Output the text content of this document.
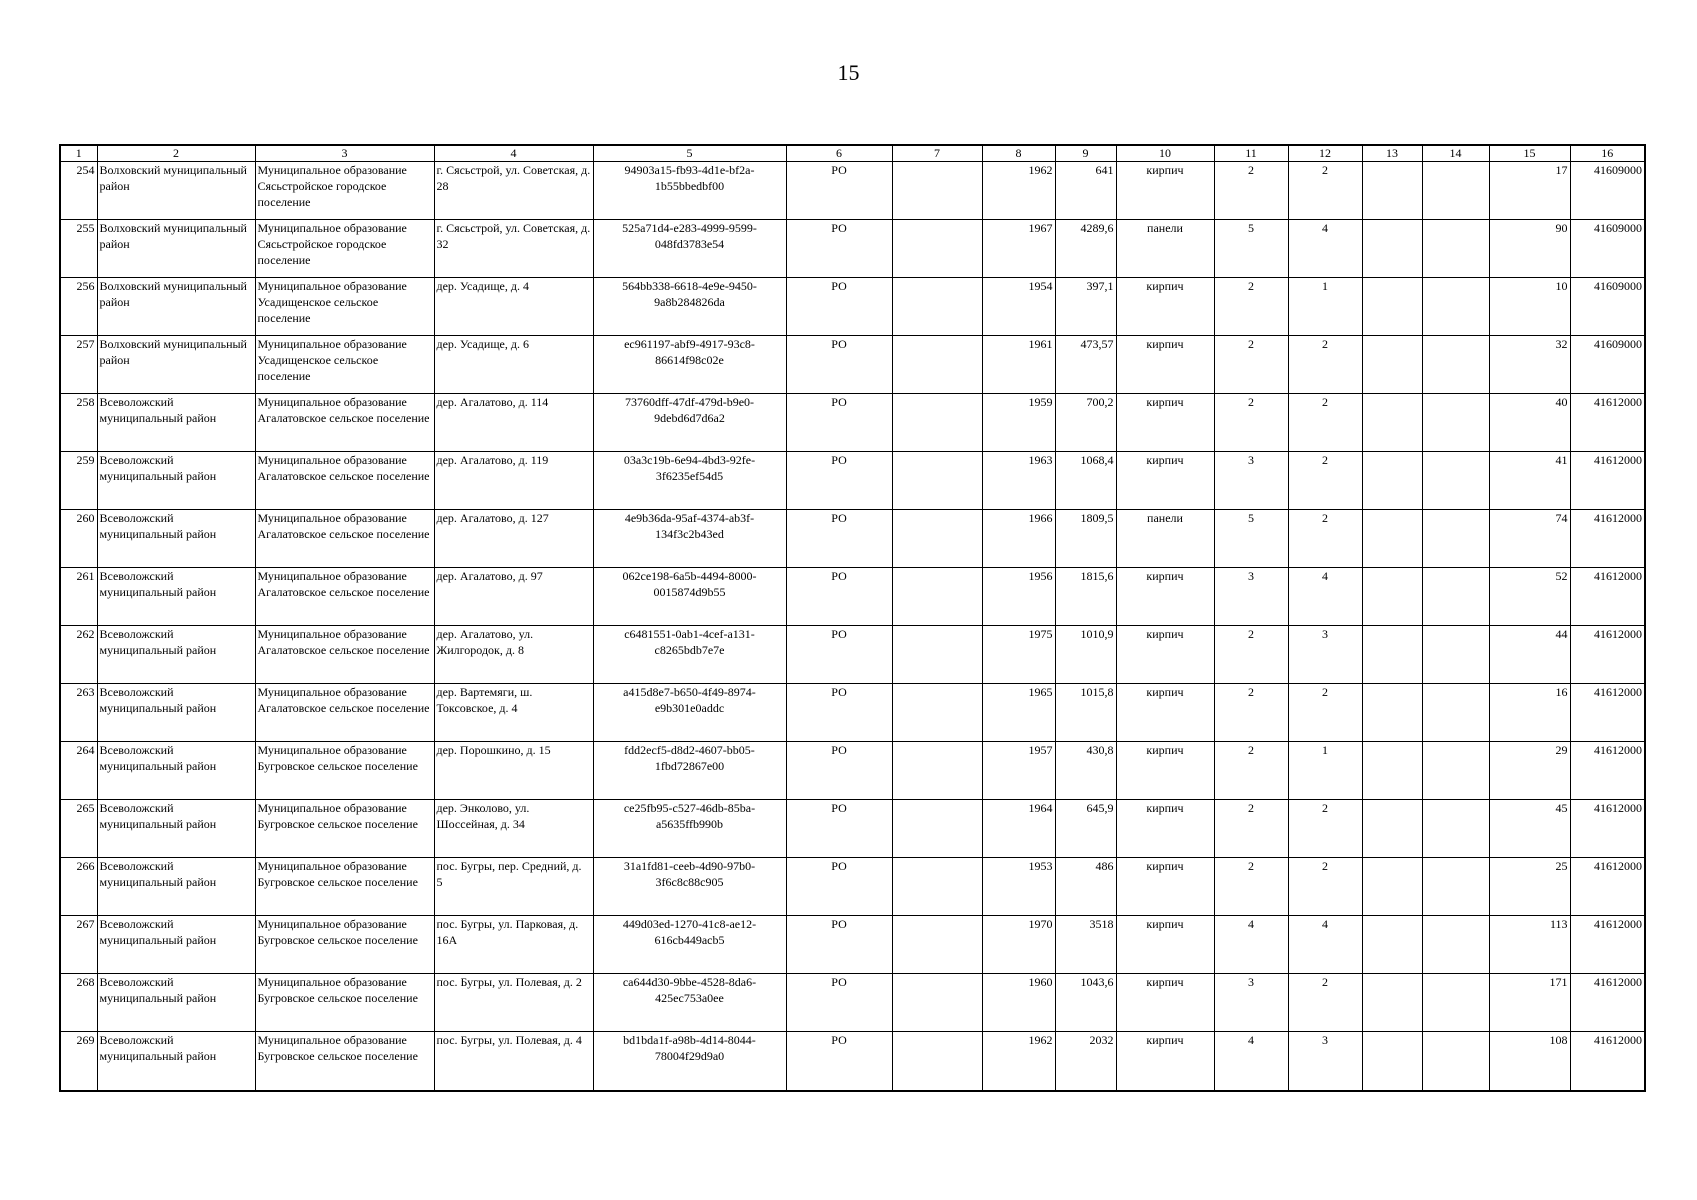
15
1	2	3	4	5	6	7	8	9	10	11	12	13	14	15	16
254	Волховский муниципальный район	Муниципальное образование Сясьстройское городское поселение	г. Сясьстрой, ул. Советская, д. 28	94903a15-fb93-4d1e-bf2a-1b55bbedbf00	РО		1962	641	кирпич	2	2			17	41609000
255	Волховский муниципальный район	Муниципальное образование Сясьстройское городское поселение	г. Сясьстрой, ул. Советская, д. 32	525a71d4-e283-4999-9599-048fd3783e54	РО		1967	4289,6	панели	5	4			90	41609000
256	Волховский муниципальный район	Муниципальное образование Усадищенское сельское поселение	дер. Усадище, д. 4	564bb338-6618-4e9e-9450-9a8b284826da	РО		1954	397,1	кирпич	2	1			10	41609000
257	Волховский муниципальный район	Муниципальное образование Усадищенское сельское поселение	дер. Усадище, д. 6	ec961197-abf9-4917-93c8-86614f98c02e	РО		1961	473,57	кирпич	2	2			32	41609000
258	Всеволожский муниципальный район	Муниципальное образование Агалатовское сельское поселение	дер. Агалатово, д. 114	73760dff-47df-479d-b9e0-9debd6d7d6a2	РО		1959	700,2	кирпич	2	2			40	41612000
259	Всеволожский муниципальный район	Муниципальное образование Агалатовское сельское поселение	дер. Агалатово, д. 119	03a3c19b-6e94-4bd3-92fe-3f6235ef54d5	РО		1963	1068,4	кирпич	3	2			41	41612000
260	Всеволожский муниципальный район	Муниципальное образование Агалатовское сельское поселение	дер. Агалатово, д. 127	4e9b36da-95af-4374-ab3f-134f3c2b43ed	РО		1966	1809,5	панели	5	2			74	41612000
261	Всеволожский муниципальный район	Муниципальное образование Агалатовское сельское поселение	дер. Агалатово, д. 97	062ce198-6a5b-4494-8000-0015874d9b55	РО		1956	1815,6	кирпич	3	4			52	41612000
262	Всеволожский муниципальный район	Муниципальное образование Агалатовское сельское поселение	дер. Агалатово, ул. Жилгородок, д. 8	c6481551-0ab1-4cef-a131-c8265bdb7e7e	РО		1975	1010,9	кирпич	2	3			44	41612000
263	Всеволожский муниципальный район	Муниципальное образование Агалатовское сельское поселение	дер. Вартемяги, ш. Токсовское, д. 4	a415d8e7-b650-4f49-8974-e9b301e0addc	РО		1965	1015,8	кирпич	2	2			16	41612000
264	Всеволожский муниципальный район	Муниципальное образование Бугровское сельское поселение	дер. Порошкино, д. 15	fdd2ecf5-d8d2-4607-bb05-1fbd72867e00	РО		1957	430,8	кирпич	2	1			29	41612000
265	Всеволожский муниципальный район	Муниципальное образование Бугровское сельское поселение	дер. Энколово, ул. Шоссейная, д. 34	ce25fb95-c527-46db-85ba-a5635ffb990b	РО		1964	645,9	кирпич	2	2			45	41612000
266	Всеволожский муниципальный район	Муниципальное образование Бугровское сельское поселение	пос. Бугры, пер. Средний, д. 5	31a1fd81-ceeb-4d90-97b0-3f6c8c88c905	РО		1953	486	кирпич	2	2			25	41612000
267	Всеволожский муниципальный район	Муниципальное образование Бугровское сельское поселение	пос. Бугры, ул. Парковая, д. 16А	449d03ed-1270-41c8-ae12-616cb449acb5	РО		1970	3518	кирпич	4	4			113	41612000
268	Всеволожский муниципальный район	Муниципальное образование Бугровское сельское поселение	пос. Бугры, ул. Полевая, д. 2	ca644d30-9bbe-4528-8da6-425ec753a0ee	РО		1960	1043,6	кирпич	3	2			171	41612000
269	Всеволожский муниципальный район	Муниципальное образование Бугровское сельское поселение	пос. Бугры, ул. Полевая, д. 4	bd1bda1f-a98b-4d14-8044-78004f29d9a0	РО		1962	2032	кирпич	4	3			108	41612000
